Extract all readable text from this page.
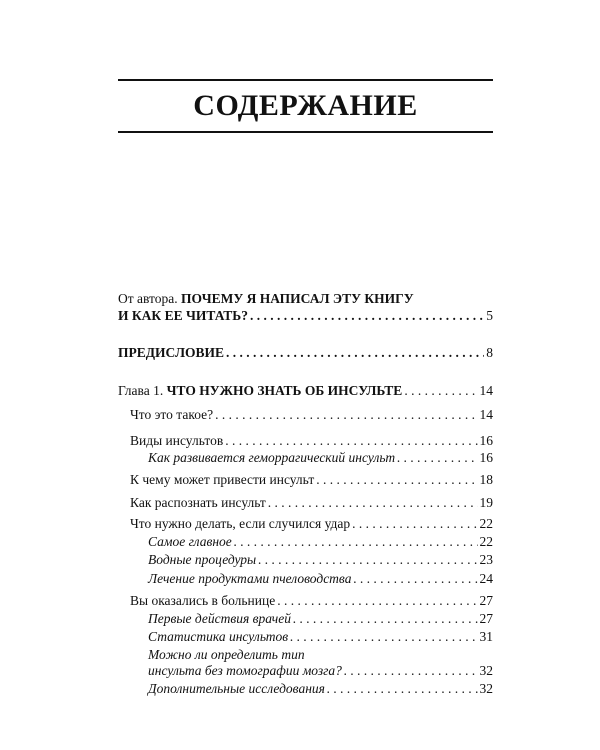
СОДЕРЖАНИЕ
От автора. ПОЧЕМУ Я НАПИСАЛ ЭТУ КНИГУ
И КАК ЕЕ ЧИТАТЬ? . . .	5
ПРЕДИСЛОВИЕ . . .	8
Глава 1. ЧТО НУЖНО ЗНАТЬ ОБ ИНСУЛЬТЕ . . .	14
Что это такое? . . .	14
Виды инсультов . . .	16
Как развивается геморрагический инсульт . . .	16
К чему может привести инсульт . . .	18
Как распознать инсульт . . .	19
Что нужно делать, если случился удар . . .	22
Самое главное . . .	22
Водные процедуры . . .	23
Лечение продуктами пчеловодства . . .	24
Вы оказались в больнице . . .	27
Первые действия врачей . . .	27
Статистика инсультов . . .	31
Можно ли определить тип
инсульта без томографии мозга? . . .	32
Дополнительные исследования . . .	32
